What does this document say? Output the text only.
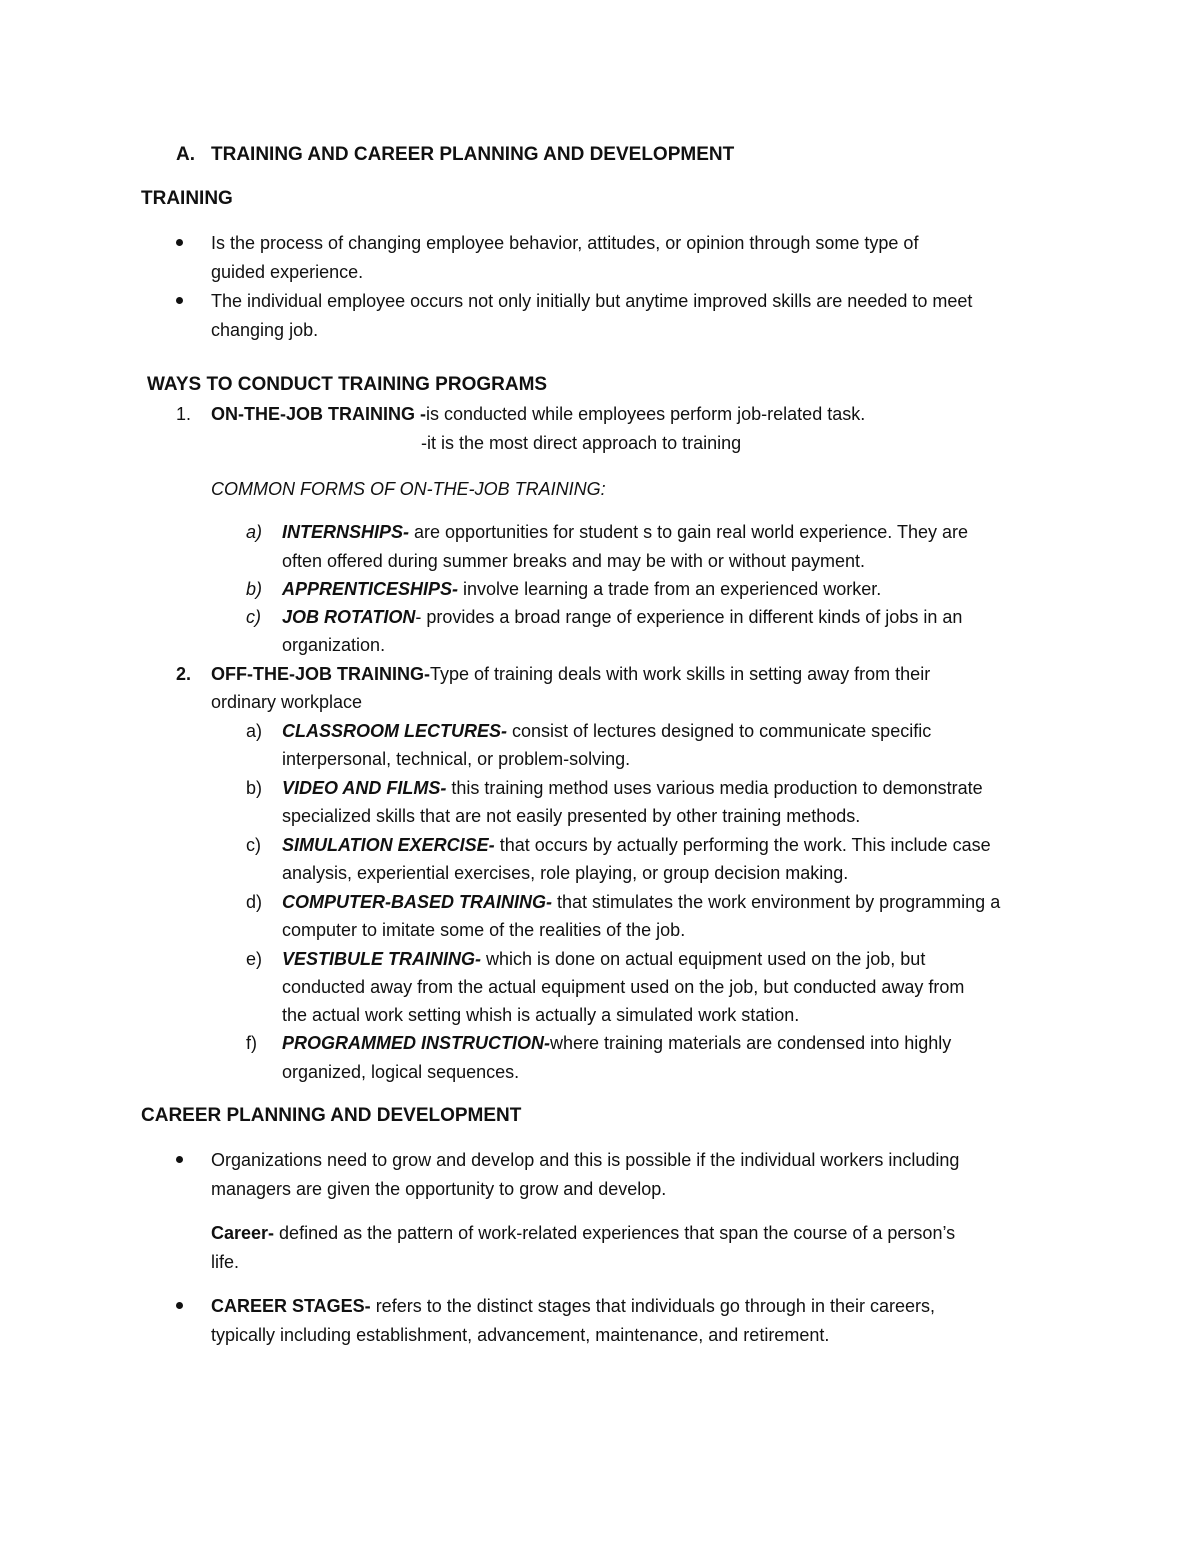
A. TRAINING AND CAREER PLANNING AND DEVELOPMENT
TRAINING
Is the process of changing employee behavior, attitudes, or opinion through some type of
guided experience.
The individual employee occurs not only initially but anytime improved skills are needed to meet
changing job.
WAYS TO CONDUCT TRAINING PROGRAMS
1. ON-THE-JOB TRAINING -is conducted while employees perform job-related task.
-it is the most direct approach to training
COMMON FORMS OF ON-THE-JOB TRAINING:
a) INTERNSHIPS- are opportunities for student s to gain real world experience. They are
often offered during summer breaks and may be with or without payment.
b) APPRENTICESHIPS- involve learning a trade from an experienced worker.
c) JOB ROTATION- provides a broad range of experience in different kinds of jobs in an
organization.
2. OFF-THE-JOB TRAINING-Type of training deals with work skills in setting away from their
ordinary workplace
a) CLASSROOM LECTURES- consist of lectures designed to communicate specific
interpersonal, technical, or problem-solving.
b) VIDEO AND FILMS- this training method uses various media production to demonstrate
specialized skills that are not easily presented by other training methods.
c) SIMULATION EXERCISE- that occurs by actually performing the work. This include case
analysis, experiential exercises, role playing, or group decision making.
d) COMPUTER-BASED TRAINING- that stimulates the work environment by programming a
computer to imitate some of the realities of the job.
e) VESTIBULE TRAINING- which is done on actual equipment used on the job, but
conducted away from the actual equipment used on the job, but conducted away from
the actual work setting whish is actually a simulated work station.
f) PROGRAMMED INSTRUCTION-where training materials are condensed into highly
organized, logical sequences.
CAREER PLANNING AND DEVELOPMENT
Organizations need to grow and develop and this is possible if the individual workers including
managers are given the opportunity to grow and develop.
Career- defined as the pattern of work-related experiences that span the course of a person’s
life.
CAREER STAGES- refers to the distinct stages that individuals go through in their careers,
typically including establishment, advancement, maintenance, and retirement.
